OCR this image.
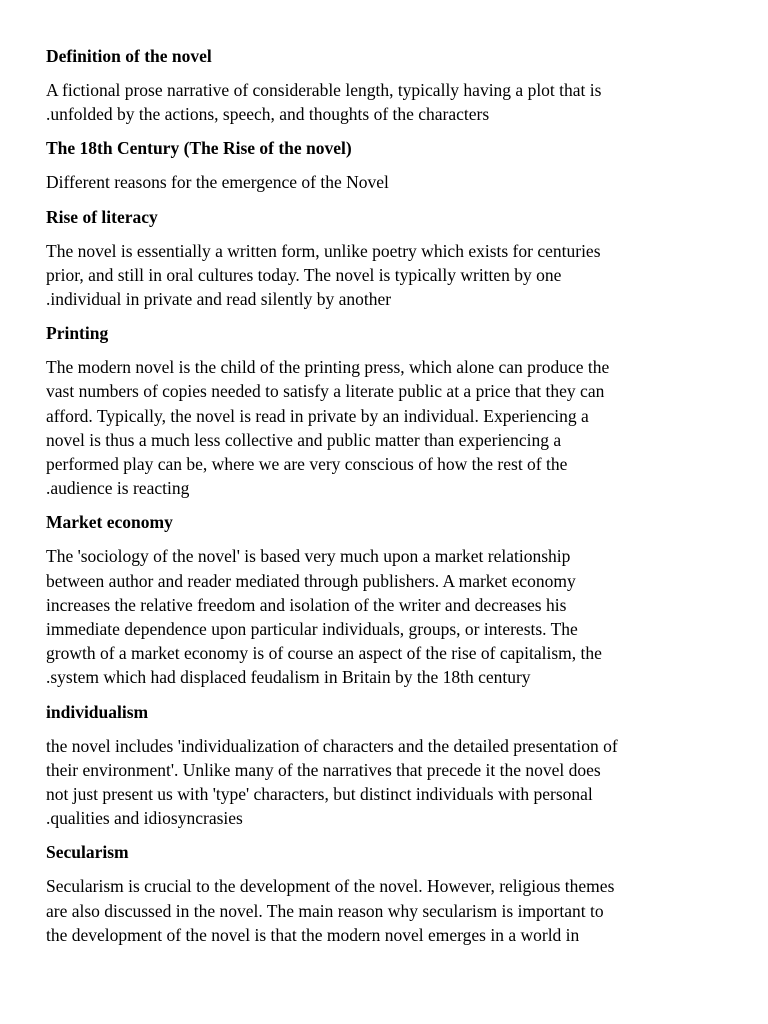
Definition of the novel

A fictional prose narrative of considerable length, typically having a plot that is
.unfolded by the actions, speech, and thoughts of the characters

The 18th Century (The Rise of the novel)

Different reasons for the emergence of the Novel

Rise of literacy

The novel is essentially a written form, unlike poetry which exists for centuries
prior, and still in oral cultures today. The novel is typically written by one
.individual in private and read silently by another

Printing

The modern novel is the child of the printing press, which alone can produce the
vast numbers of copies needed to satisfy a literate public at a price that they can
afford. Typically, the novel is read in private by an individual. Experiencing a
novel is thus a much less collective and public matter than experiencing a
performed play can be, where we are very conscious of how the rest of the
.audience is reacting

Market economy

The 'sociology of the novel' is based very much upon a market relationship
between author and reader mediated through publishers. A market economy
increases the relative freedom and isolation of the writer and decreases his
immediate dependence upon particular individuals, groups, or interests. The
growth of a market economy is of course an aspect of the rise of capitalism, the
.system which had displaced feudalism in Britain by the 18th century

individualism

the novel includes 'individualization of characters and the detailed presentation of
their environment'. Unlike many of the narratives that precede it the novel does
not just present us with 'type' characters, but distinct individuals with personal
.qualities and idiosyncrasies

Secularism

Secularism is crucial to the development of the novel. However, religious themes
are also discussed in the novel. The main reason why secularism is important to
the development of the novel is that the modern novel emerges in a world in
